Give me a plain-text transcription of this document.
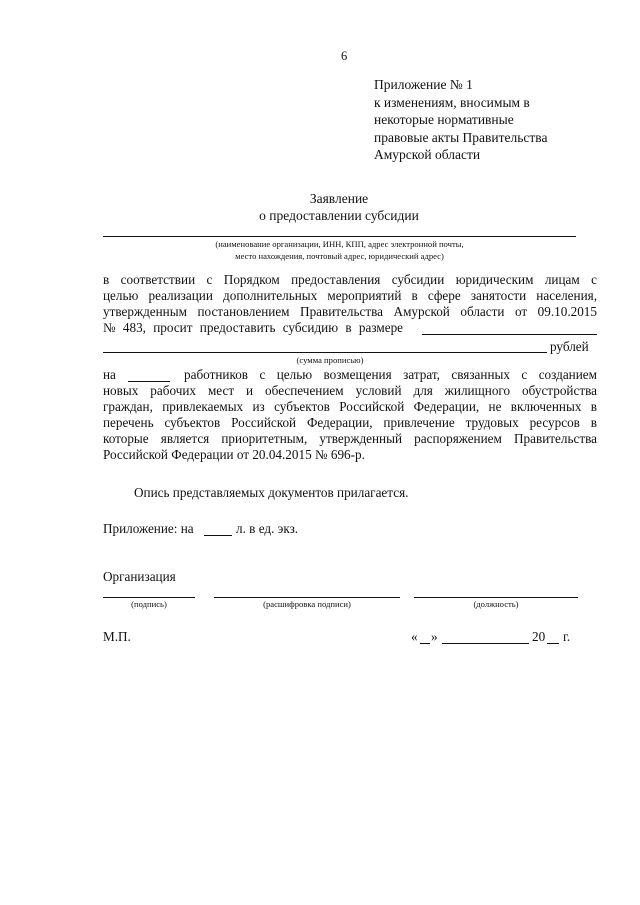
6
Приложение № 1
к изменениям, вносимым в
некоторые нормативные
правовые акты Правительства
Амурской области
Заявление
о предоставлении субсидии
(наименование организации, ИНН, КПП, адрес электронной почты,
место нахождения, почтовый адрес, юридический адрес)
в соответствии с Порядком предоставления субсидии юридическим лицам с
целью реализации дополнительных мероприятий в сфере занятости населения,
утвержденным постановлением Правительства Амурской области от 09.10.2015
№ 483, просит предоставить субсидию в размере
рублей
(сумма прописью)
на	работников с целью возмещения затрат, связанных с созданием
новых рабочих мест и обеспечением условий для жилищного обустройства
граждан, привлекаемых из субъектов Российской Федерации, не включенных в
перечень субъектов Российской Федерации, привлечение трудовых ресурсов в
которые является приоритетным, утвержденный распоряжением Правительства
Российской Федерации от 20.04.2015 № 696-р.
Опись представляемых документов прилагается.
Приложение: на	л. в ед. экз.
Организация
(подпись)	(расшифровка подписи)	(должность)
М.П.	« »	20 г.
